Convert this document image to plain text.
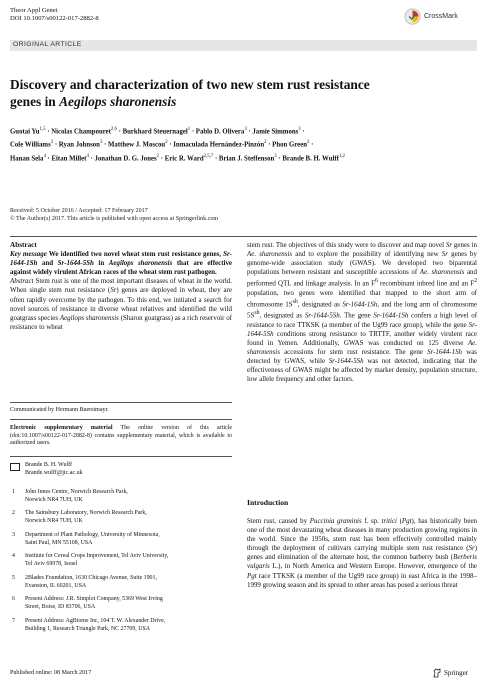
Theor Appl Genet
DOI 10.1007/s00122-017-2882-8	CrossMark
ORIGINAL ARTICLE
Discovery and characterization of two new stem rust resistance
genes in Aegilops sharonensis
Guotai Yu$^{1,5}$ · Nicolas Champouret$^{2,6}$ · Burkhard Steuernagel$^1$ · Pablo D. Olivera$^3$ · Jamie Simmons$^3$ ·
Cole Williams$^3$ · Ryan Johnson$^3$ · Matthew J. Moscou$^2$ · Inmaculada Hernández-Pinzón$^2$ · Phon Green$^2$ ·
Hanan Sela$^4$ · Eitan Millet$^4$ · Jonathan D. G. Jones$^2$ · Eric R. Ward$^{2,5,7}$ · Brian J. Steffenson$^3$ · Brande B. H. Wulff$^{1,2}$
Received: 5 October 2016 / Accepted: 17 February 2017
© The Author(s) 2017. This article is published with open access at Springerlink.com
Abstract

Key message We identified two novel wheat stem rust resistance genes, Sr-1644-1Sh and Sr-1644-5Sh in Aegilops sharonensis that are effective against widely virulent African races of the wheat stem rust pathogen.

Abstract Stem rust is one of the most important diseases of wheat in the world. When single stem rust resistance (Sr) genes are deployed in wheat, they are often rapidly overcome by the pathogen. To this end, we initiated a search for novel sources of resistance in diverse wheat relatives and identified the wild goatgrass species Aegilops sharonensis (Sharon goatgrass) as a rich reservoir of resistance to wheat

Communicated by Hermann Buerstmayr.
Electronic supplementary material The online version of this article (doi:10.1007/s00122-017-2882-8) contains supplementary material, which is available to authorized users.
Brande B. H. Wulff
Brande.wulff@jic.ac.uk
1	John Innes Centre, Norwich Research Park,
Norwich NR4 7UH, UK
2	The Sainsbury Laboratory, Norwich Research Park,
Norwich NR4 7UH, UK
3	Department of Plant Pathology, University of Minnesota,
Saint Paul, MN 55108, USA
4	Institute for Cereal Crops Improvement, Tel Aviv University,
Tel Aviv 69978, Israel
5	2Blades Foundation, 1630 Chicago Avenue, Suite 1901,
Evanston, IL 60201, USA
6	Present Address: J.R. Simplot Company, 5369 West Irving
Street, Boise, ID 83706, USA
7	Present Address: AgBiome Inc, 104 T. W. Alexander Drive,
Building 1, Research Triangle Park, NC 27709, USA

stem rust. The objectives of this study were to discover and map novel Sr genes in Ae. sharonensis and to explore the possibility of identifying new Sr genes by genome-wide association study (GWAS). We developed two biparental populations between resistant and susceptible accessions of Ae. sharonensis and performed QTL and linkage analysis. In an $F^6$ recombinant inbred line and an $F^2$ population, two genes were identified that mapped to the short arm of chromosome $1S^{sh}$, designated as Sr-1644-1Sh, and the long arm of chromosome $5S^{sh}$, designated as Sr-1644-5Sh. The gene Sr-1644-1Sh confers a high level of resistance to race TTKSK (a member of the Ug99 race group), while the gene Sr-1644-5Sh conditions strong resistance to TRTTF, another widely virulent race found in Yemen. Additionally, GWAS was conducted on 125 diverse Ae. sharonensis accessions for stem rust resistance. The gene Sr-1644-1Sh was detected by GWAS, while Sr-1644-5Sh was not detected, indicating that the effectiveness of GWAS might be affected by marker density, population structure, low allele frequency and other factors.

Introduction

Stem rust, caused by Puccinia graminis f. sp. tritici (Pgt), has historically been one of the most devastating wheat diseases in many production growing regions in the world. Since the 1950s, stem rust has been effectively controlled mainly through the deployment of cultivars carrying multiple stem rust resistance (Sr) genes and elimination of the alternate host, the common barberry bush (Berberis vulgaris L.), in North America and Western Europe. However, emergence of the Pgt race TTKSK (a member of the Ug99 race group) in east Africa in the 1998–1999 growing season and its spread to other areas has posed a serious threat

Published online: 08 March 2017	Springer
